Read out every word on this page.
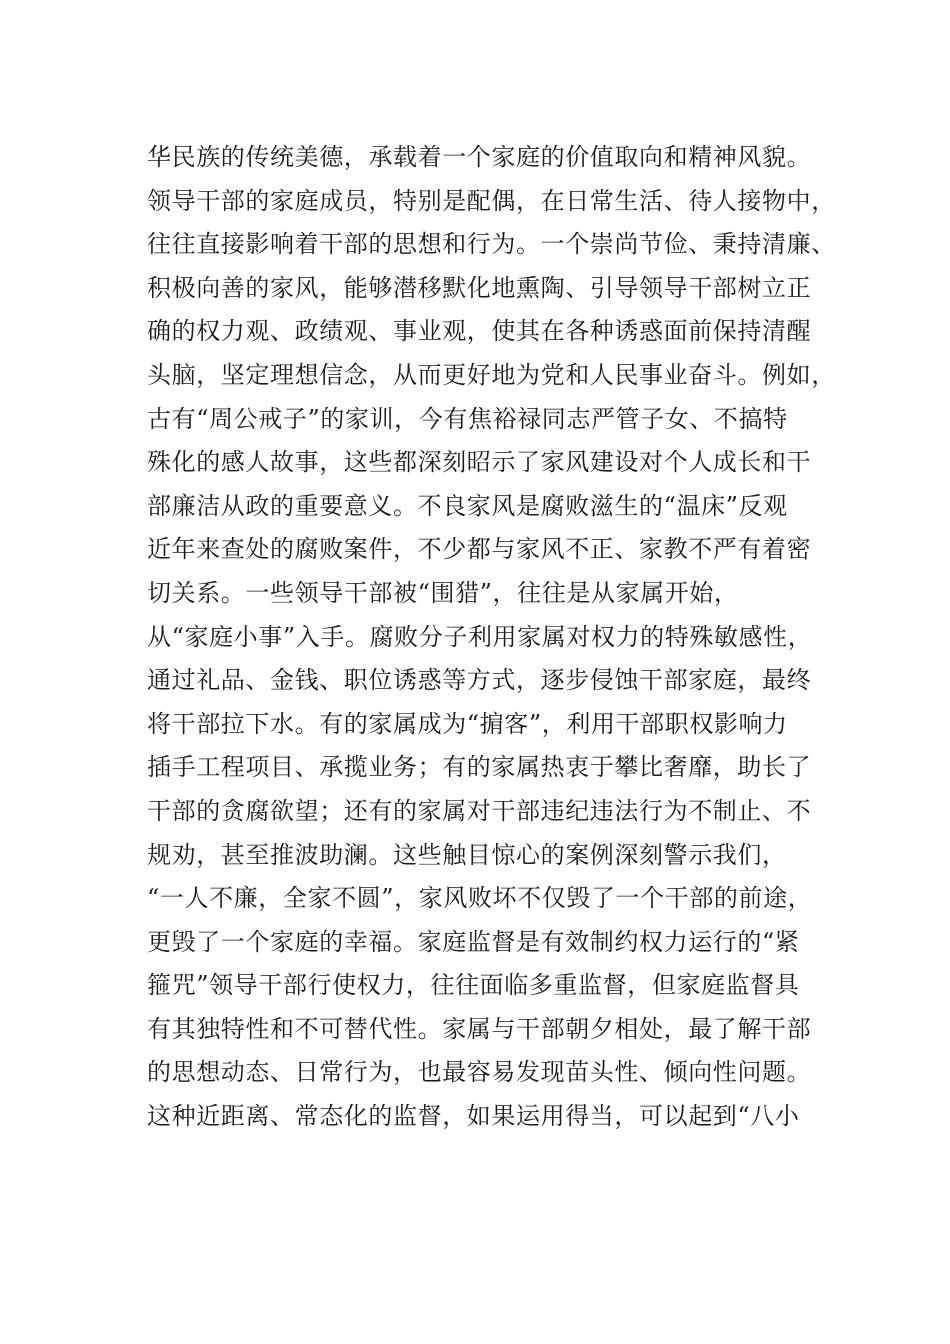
华民族的传统美德，承载着一个家庭的价值取向和精神风貌。
领导干部的家庭成员，特别是配偶，在日常生活、待人接物中，
往往直接影响着干部的思想和行为。一个崇尚节俭、秉持清廉、
积极向善的家风，能够潜移默化地熏陶、引导领导干部树立正
确的权力观、政绩观、事业观，使其在各种诱惑面前保持清醒
头脑，坚定理想信念，从而更好地为党和人民事业奋斗。例如，
古有“周公戒子”的家训，今有焦裕禄同志严管子女、不搞特
殊化的感人故事，这些都深刻昭示了家风建设对个人成长和干
部廉洁从政的重要意义。不良家风是腐败滋生的“温床”反观
近年来查处的腐败案件，不少都与家风不正、家教不严有着密
切关系。一些领导干部被“围猎”，往往是从家属开始，
从“家庭小事”入手。腐败分子利用家属对权力的特殊敏感性，
通过礼品、金钱、职位诱惑等方式，逐步侵蚀干部家庭，最终
将干部拉下水。有的家属成为“掮客”，利用干部职权影响力
插手工程项目、承揽业务；有的家属热衷于攀比奢靡，助长了
干部的贪腐欲望；还有的家属对干部违纪违法行为不制止、不
规劝，甚至推波助澜。这些触目惊心的案例深刻警示我们，
“一人不廉，全家不圆”，家风败坏不仅毁了一个干部的前途，
更毁了一个家庭的幸福。家庭监督是有效制约权力运行的“紧
箍咒”领导干部行使权力，往往面临多重监督，但家庭监督具
有其独特性和不可替代性。家属与干部朝夕相处，最了解干部
的思想动态、日常行为，也最容易发现苗头性、倾向性问题。
这种近距离、常态化的监督，如果运用得当，可以起到“八小
